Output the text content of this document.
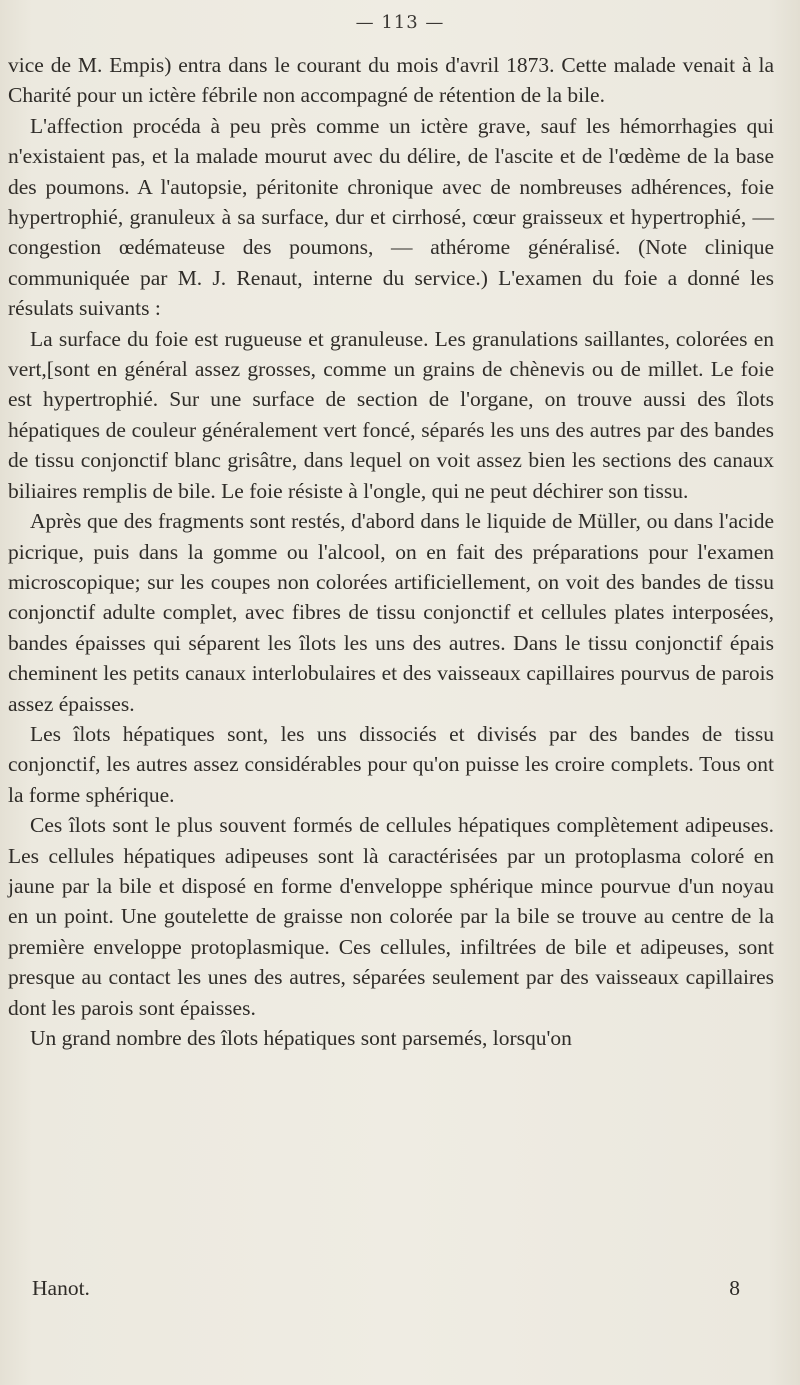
— 113 —

vice de M. Empis) entra dans le courant du mois d'avril 1873. Cette malade venait à la Charité pour un ictère fébrile non accompagné de rétention de la bile.

L'affection procéda à peu près comme un ictère grave, sauf les hémorrhagies qui n'existaient pas, et la malade mourut avec du délire, de l'ascite et de l'œdème de la base des poumons. A l'autopsie, péritonite chronique avec de nombreuses adhérences, foie hypertrophié, granuleux à sa surface, dur et cirrhosé, cœur graisseux et hypertrophié, — congestion œdémateuse des poumons, — athérome généralisé. (Note clinique communiquée par M. J. Renaut, interne du service.) L'examen du foie a donné les résulats suivants :

La surface du foie est rugueuse et granuleuse. Les granulations saillantes, colorées en vert,[sont en général assez grosses, comme un grains de chènevis ou de millet. Le foie est hypertrophié. Sur une surface de section de l'organe, on trouve aussi des îlots hépatiques de couleur généralement vert foncé, séparés les uns des autres par des bandes de tissu conjonctif blanc grisâtre, dans lequel on voit assez bien les sections des canaux biliaires remplis de bile. Le foie résiste à l'ongle, qui ne peut déchirer son tissu.

Après que des fragments sont restés, d'abord dans le liquide de Müller, ou dans l'acide picrique, puis dans la gomme ou l'alcool, on en fait des préparations pour l'examen microscopique; sur les coupes non colorées artificiellement, on voit des bandes de tissu conjonctif adulte complet, avec fibres de tissu conjonctif et cellules plates interposées, bandes épaisses qui séparent les îlots les uns des autres. Dans le tissu conjonctif épais cheminent les petits canaux interlobulaires et des vaisseaux capillaires pourvus de parois assez épaisses.

Les îlots hépatiques sont, les uns dissociés et divisés par des bandes de tissu conjonctif, les autres assez considérables pour qu'on puisse les croire complets. Tous ont la forme sphérique.

Ces îlots sont le plus souvent formés de cellules hépatiques complètement adipeuses. Les cellules hépatiques adipeuses sont là caractérisées par un protoplasma coloré en jaune par la bile et disposé en forme d'enveloppe sphérique mince pourvue d'un noyau en un point. Une goutelette de graisse non colorée par la bile se trouve au centre de la première enveloppe protoplasmique. Ces cellules, infiltrées de bile et adipeuses, sont presque au contact les unes des autres, séparées seulement par des vaisseaux capillaires dont les parois sont épaisses.

Un grand nombre des îlots hépatiques sont parsemés, lorsqu'on

Hanot.	8
